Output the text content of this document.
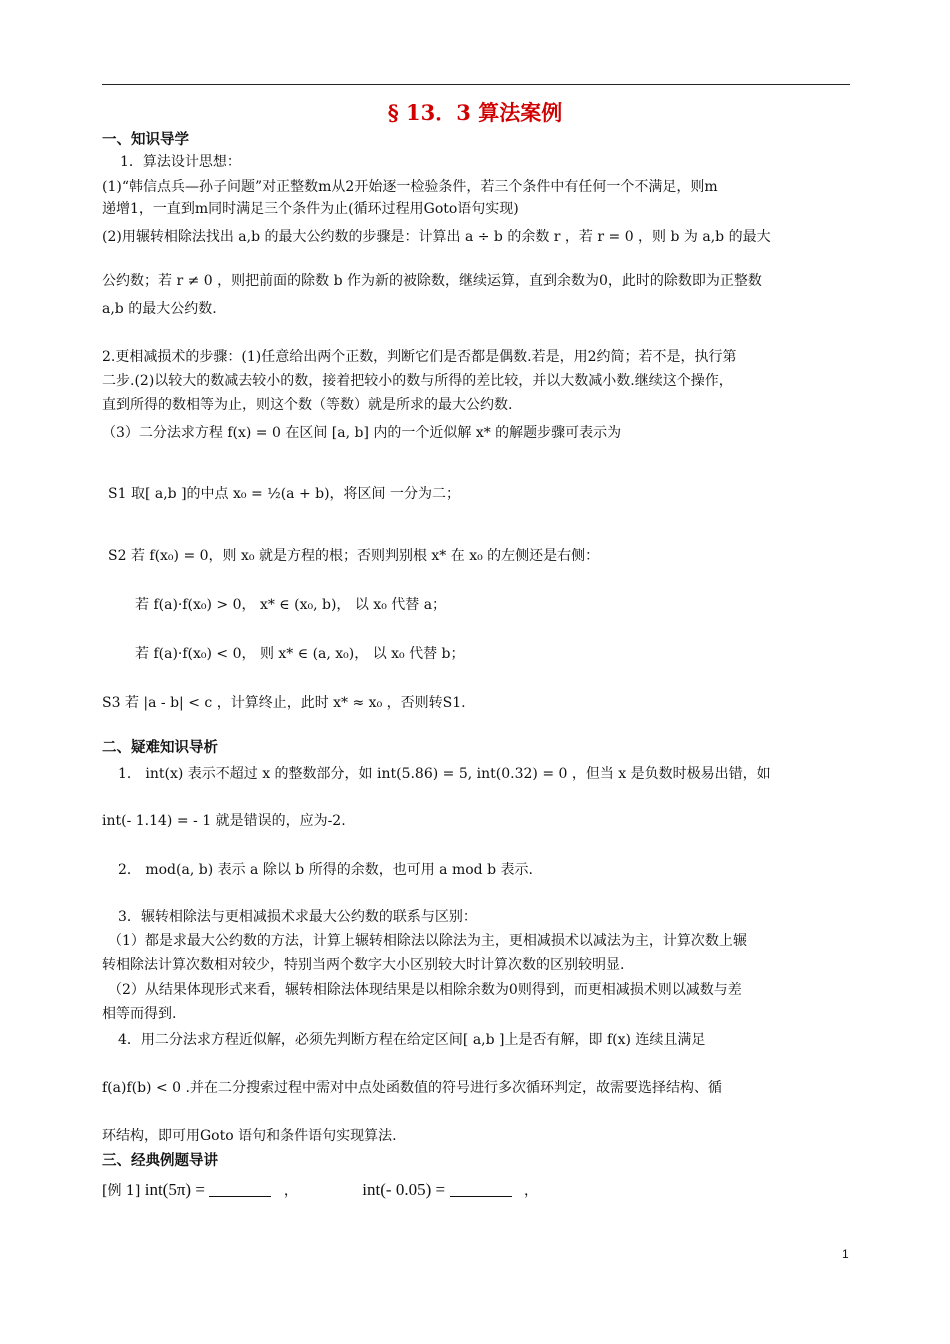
§ 13．3 算法案例
一、知识导学
1．算法设计思想：
(1)“韩信点兵—孙子问题”对正整数m从2开始逐一检验条件，若三个条件中有任何一个不满足，则m
递增1，一直到m同时满足三个条件为止(循环过程用Goto语句实现)
(2)用辗转相除法找出 a,b 的最大公约数的步骤是：计算出 a ÷ b 的余数 r ，若 r = 0 ，则 b 为 a,b 的最大
公约数；若 r ≠ 0 ，则把前面的除数 b 作为新的被除数，继续运算，直到余数为0，此时的除数即为正整数
a,b 的最大公约数.
2.更相减损术的步骤：(1)任意给出两个正数，判断它们是否都是偶数.若是，用2约简；若不是，执行第
二步.(2)以较大的数减去较小的数，接着把较小的数与所得的差比较，并以大数减小数.继续这个操作，
直到所得的数相等为止，则这个数（等数）就是所求的最大公约数.
（3）二分法求方程 f(x) = 0 在区间 [a, b] 内的一个近似解 x* 的解题步骤可表示为
S1 取[ a,b ]的中点 x₀ = ½(a + b)，将区间 一分为二；
S2 若 f(x₀) = 0，则 x₀ 就是方程的根；否则判别根 x* 在 x₀ 的左侧还是右侧：
若 f(a)·f(x₀) > 0， x* ∈ (x₀, b)， 以 x₀ 代替 a；
若 f(a)·f(x₀) < 0， 则 x* ∈ (a, x₀)， 以 x₀ 代替 b；
S3 若 |a - b| < c ，计算终止，此时 x* ≈ x₀ ，否则转S1.
二、疑难知识导析
1． int(x) 表示不超过 x 的整数部分，如 int(5.86) = 5, int(0.32) = 0 ，但当 x 是负数时极易出错，如
int(- 1.14) = - 1 就是错误的，应为-2.
2． mod(a, b) 表示 a 除以 b 所得的余数，也可用 a mod b 表示.
3．辗转相除法与更相减损术求最大公约数的联系与区别：
（1）都是求最大公约数的方法，计算上辗转相除法以除法为主，更相减损术以减法为主，计算次数上辗
转相除法计算次数相对较少，特别当两个数字大小区别较大时计算次数的区别较明显.
（2）从结果体现形式来看，辗转相除法体现结果是以相除余数为0则得到，而更相减损术则以减数与差
相等而得到.
4．用二分法求方程近似解，必须先判断方程在给定区间[ a,b ]上是否有解，即 f(x) 连续且满足
f(a)f(b) < 0 .并在二分搜索过程中需对中点处函数值的符号进行多次循环判定，故需要选择结构、循
环结构，即可用Goto 语句和条件语句实现算法.
三、经典例题导讲
[例 1] int(5π) =	，	int(- 0.05) =	，
1
